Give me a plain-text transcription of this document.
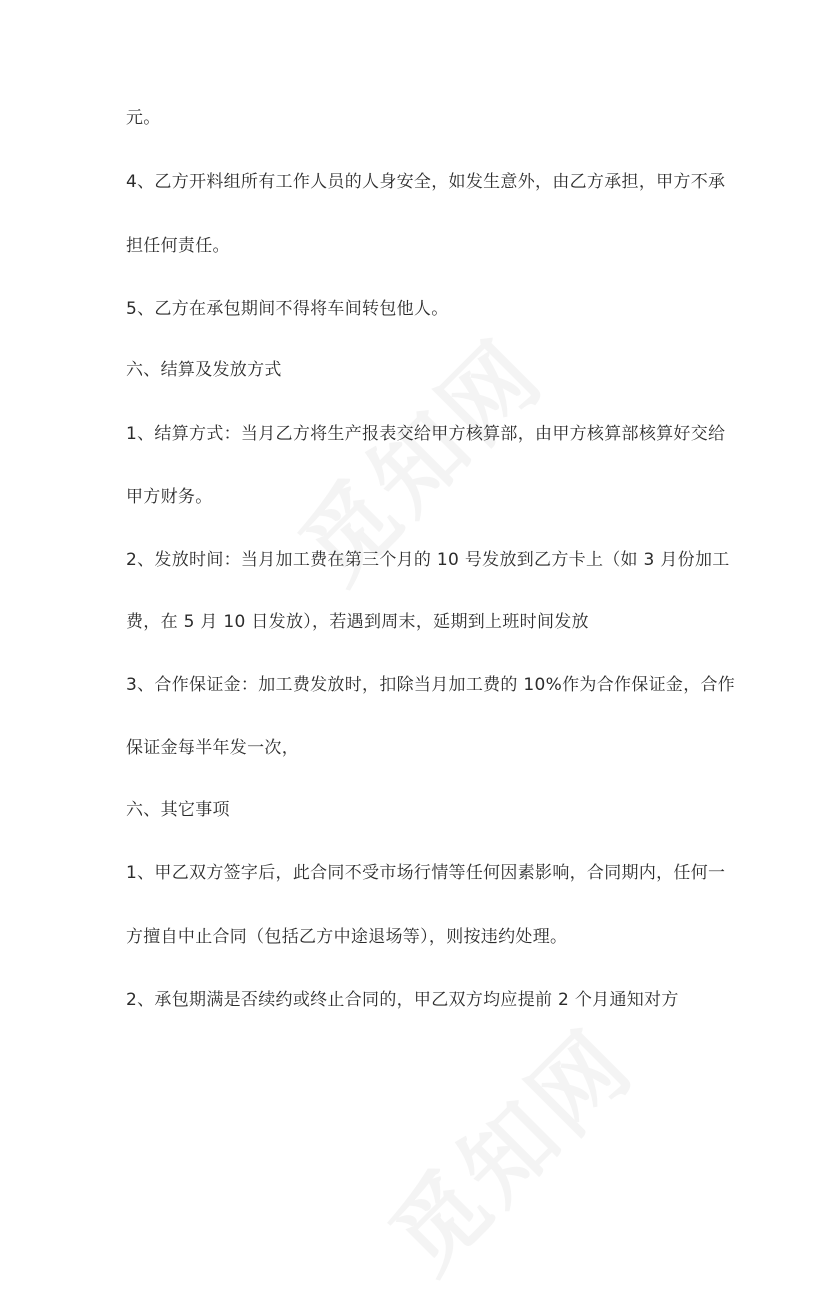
元。
4、乙方开料组所有工作人员的人身安全，如发生意外，由乙方承担，甲方不承
担任何责任。
5、乙方在承包期间不得将车间转包他人。
六、结算及发放方式
1、结算方式：当月乙方将生产报表交给甲方核算部，由甲方核算部核算好交给
甲方财务。
2、发放时间：当月加工费在第三个月的 10 号发放到乙方卡上（如 3 月份加工
费，在 5 月 10 日发放），若遇到周末，延期到上班时间发放
3、合作保证金：加工费发放时，扣除当月加工费的 10%作为合作保证金，合作
保证金每半年发一次，
六、其它事项
1、甲乙双方签字后，此合同不受市场行情等任何因素影响，合同期内，任何一
方擅自中止合同（包括乙方中途退场等），则按违约处理。
2、承包期满是否续约或终止合同的，甲乙双方均应提前 2 个月通知对方
